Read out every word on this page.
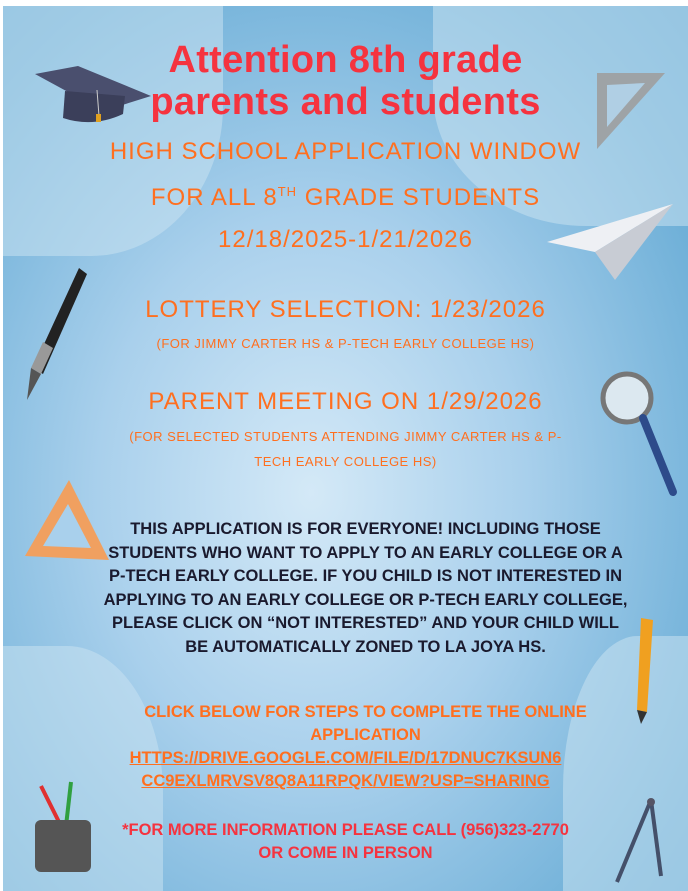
Attention 8th grade
parents and students
HIGH SCHOOL APPLICATION WINDOW
FOR ALL 8TH GRADE STUDENTS
12/18/2025-1/21/2026
LOTTERY SELECTION: 1/23/2026
(FOR JIMMY CARTER HS & P-TECH EARLY COLLEGE HS)
PARENT MEETING ON 1/29/2026
(FOR SELECTED STUDENTS ATTENDING JIMMY CARTER HS & P-
TECH EARLY COLLEGE HS)
THIS APPLICATION IS FOR EVERYONE! INCLUDING THOSE STUDENTS WHO WANT TO APPLY TO AN EARLY COLLEGE OR A P-TECH EARLY COLLEGE. IF YOU CHILD IS NOT INTERESTED IN APPLYING TO AN EARLY COLLEGE OR P-TECH EARLY COLLEGE, PLEASE CLICK ON “NOT INTERESTED” AND YOUR CHILD WILL BE AUTOMATICALLY ZONED TO LA JOYA HS.
CLICK BELOW FOR STEPS TO COMPLETE THE ONLINE APPLICATION
HTTPS://DRIVE.GOOGLE.COM/FILE/D/17DNUC7KSUN6
CC9EXLMRVSV8Q8A11RPQK/VIEW?USP=SHARING
*FOR MORE INFORMATION PLEASE CALL (956)323-2770
OR COME IN PERSON
